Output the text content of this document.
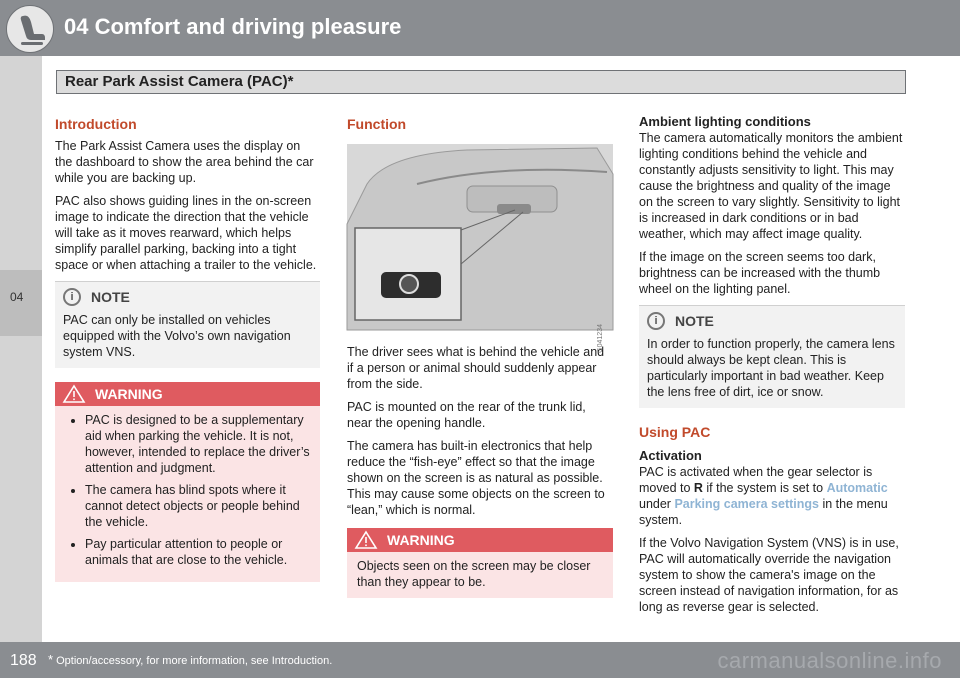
04 Comfort and driving pleasure
Rear Park Assist Camera (PAC)*
04
Introduction

The Park Assist Camera uses the display on the dashboard to show the area behind the car while you are backing up.

PAC also shows guiding lines in the on-screen image to indicate the direction that the vehicle will take as it moves rearward, which helps simplify parallel parking, backing into a tight space or when attaching a trailer to the vehicle.

i	NOTE
PAC can only be installed on vehicles equipped with the Volvo’s own navigation system VNS.
WARNING
• PAC is designed to be a supplementary aid when parking the vehicle. It is not, however, intended to replace the driver’s attention and judgment.
• The camera has blind spots where it cannot detect objects or people behind the vehicle.
• Pay particular attention to people or animals that are close to the vehicle.
Function
G041234

The driver sees what is behind the vehicle and if a person or animal should suddenly appear from the side.

PAC is mounted on the rear of the trunk lid, near the opening handle.

The camera has built-in electronics that help reduce the “fish-eye” effect so that the image shown on the screen is as natural as possible. This may cause some objects on the screen to “lean,” which is normal.

WARNING
Objects seen on the screen may be closer than they appear to be.
Ambient lighting conditions

The camera automatically monitors the ambient lighting conditions behind the vehicle and constantly adjusts sensitivity to light. This may cause the brightness and quality of the image on the screen to vary slightly. Sensitivity to light is increased in dark conditions or in bad weather, which may affect image quality.

If the image on the screen seems too dark, brightness can be increased with the thumb wheel on the lighting panel.

i	NOTE
In order to function properly, the camera lens should always be kept clean. This is particularly important in bad weather. Keep the lens free of dirt, ice or snow.
Using PAC
Activation

PAC is activated when the gear selector is moved to R if the system is set to Automatic under Parking camera settings in the menu system.

If the Volvo Navigation System (VNS) is in use, PAC will automatically override the navigation system to show the camera's image on the screen instead of navigation information, for as long as reverse gear is selected.

188 * Option/accessory, for more information, see Introduction.	carmanualsonline.info
